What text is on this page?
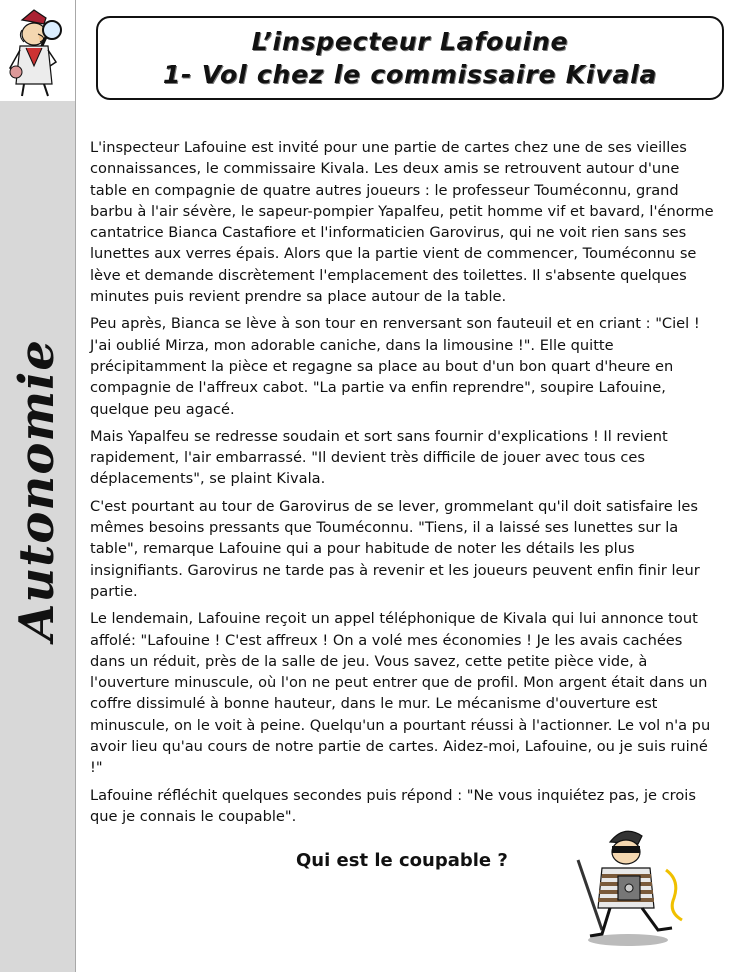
Autonomie
L’inspecteur Lafouine
1- Vol chez le commissaire Kivala

L'inspecteur Lafouine est invité pour une partie de cartes chez une de ses vieilles connaissances, le commissaire Kivala. Les deux amis se retrouvent autour d'une table en compagnie de quatre autres joueurs : le professeur Touméconnu, grand barbu à l'air sévère, le sapeur-pompier Yapalfeu, petit homme vif et bavard, l'énorme cantatrice Bianca Castafiore et l'informaticien Garovirus, qui ne voit rien sans ses lunettes aux verres épais. Alors que la partie vient de commencer, Touméconnu se lève et demande discrètement l'emplacement des toilettes. Il s'absente quelques minutes puis revient prendre sa place autour de la table.

Peu après, Bianca se lève à son tour en renversant son fauteuil et en criant : "Ciel ! J'ai oublié Mirza, mon adorable caniche, dans la limousine !". Elle quitte précipitamment la pièce et regagne sa place au bout d'un bon quart d'heure en compagnie de l'affreux cabot. "La partie va enfin reprendre", soupire Lafouine, quelque peu agacé.

Mais Yapalfeu se redresse soudain et sort sans fournir d'explications ! Il revient rapidement, l'air embarrassé. "Il devient très difficile de jouer avec tous ces déplacements", se plaint Kivala.

C'est pourtant au tour de Garovirus de se lever, grommelant qu'il doit satisfaire les mêmes besoins pressants que Touméconnu. "Tiens, il a laissé ses lunettes sur la table", remarque Lafouine qui a pour habitude de noter les détails les plus insignifiants. Garovirus ne tarde pas à revenir et les joueurs peuvent enfin finir leur partie.

Le lendemain, Lafouine reçoit un appel téléphonique de Kivala qui lui annonce tout affolé: "Lafouine ! C'est affreux ! On a volé mes économies ! Je les avais cachées dans un réduit, près de la salle de jeu. Vous savez, cette petite pièce vide, à l'ouverture minuscule, où l'on ne peut entrer que de profil. Mon argent était dans un coffre dissimulé à bonne hauteur, dans le mur. Le mécanisme d'ouverture est minuscule, on le voit à peine. Quelqu'un a pourtant réussi à l'actionner. Le vol n'a pu avoir lieu qu'au cours de notre partie de cartes. Aidez-moi, Lafouine, ou je suis ruiné !"

Lafouine réfléchit quelques secondes puis répond : "Ne vous inquiétez pas, je crois que je connais le coupable".

Qui est le coupable ?
